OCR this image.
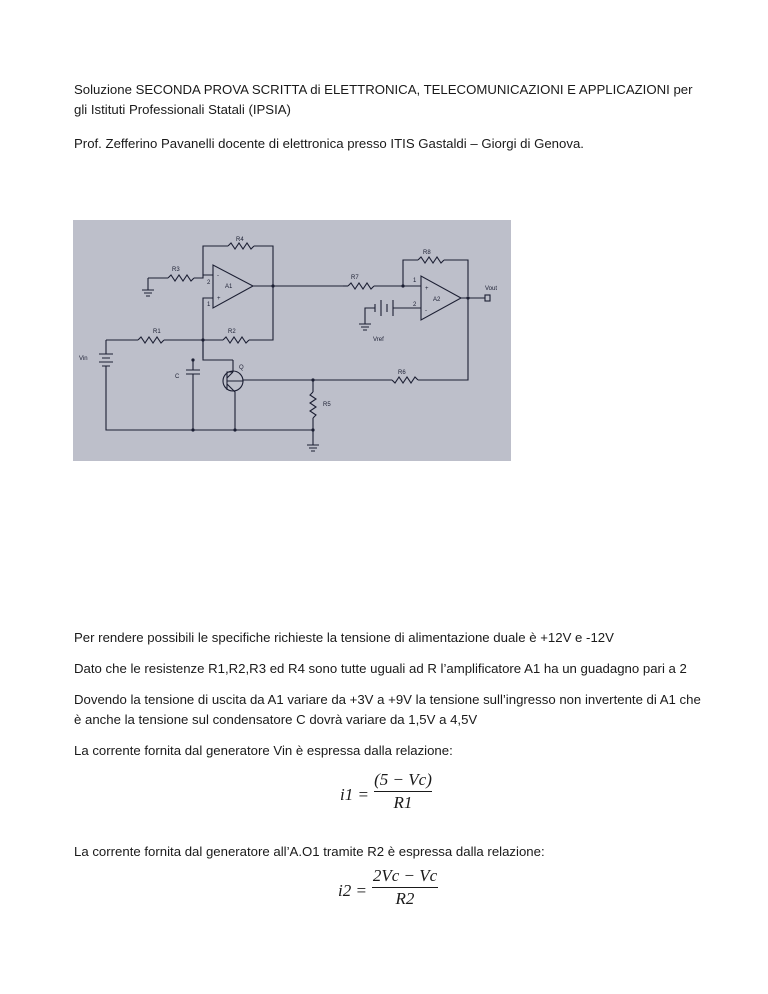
Soluzione SECONDA PROVA SCRITTA di ELETTRONICA, TELECOMUNICAZIONI E APPLICAZIONI per gli Istituti Professionali Statali (IPSIA)
Prof. Zefferino Pavanelli docente di elettronica presso ITIS Gastaldi – Giorgi di Genova.
R4
R3
R7
R8
R1	R2
R6
R5
A1
A2
Vin
Vout
Vref
C
Q
2
1
1
2
-
+
+
-
Per rendere possibili le specifiche richieste la tensione di alimentazione duale è +12V e -12V
Dato che le resistenze R1,R2,R3 ed R4 sono tutte uguali ad R l’amplificatore A1 ha un guadagno pari a 2
Dovendo la tensione di uscita da A1 variare da +3V a +9V la tensione sull’ingresso non invertente di A1 che è anche la tensione sul condensatore C dovrà variare da 1,5V a 4,5V
La corrente fornita dal generatore Vin è espressa dalla relazione:
i1 =
(5 − Vc)
R1
La corrente fornita dal generatore all’A.O1 tramite R2 è espressa dalla relazione:
i2 =
2Vc − Vc
R2
